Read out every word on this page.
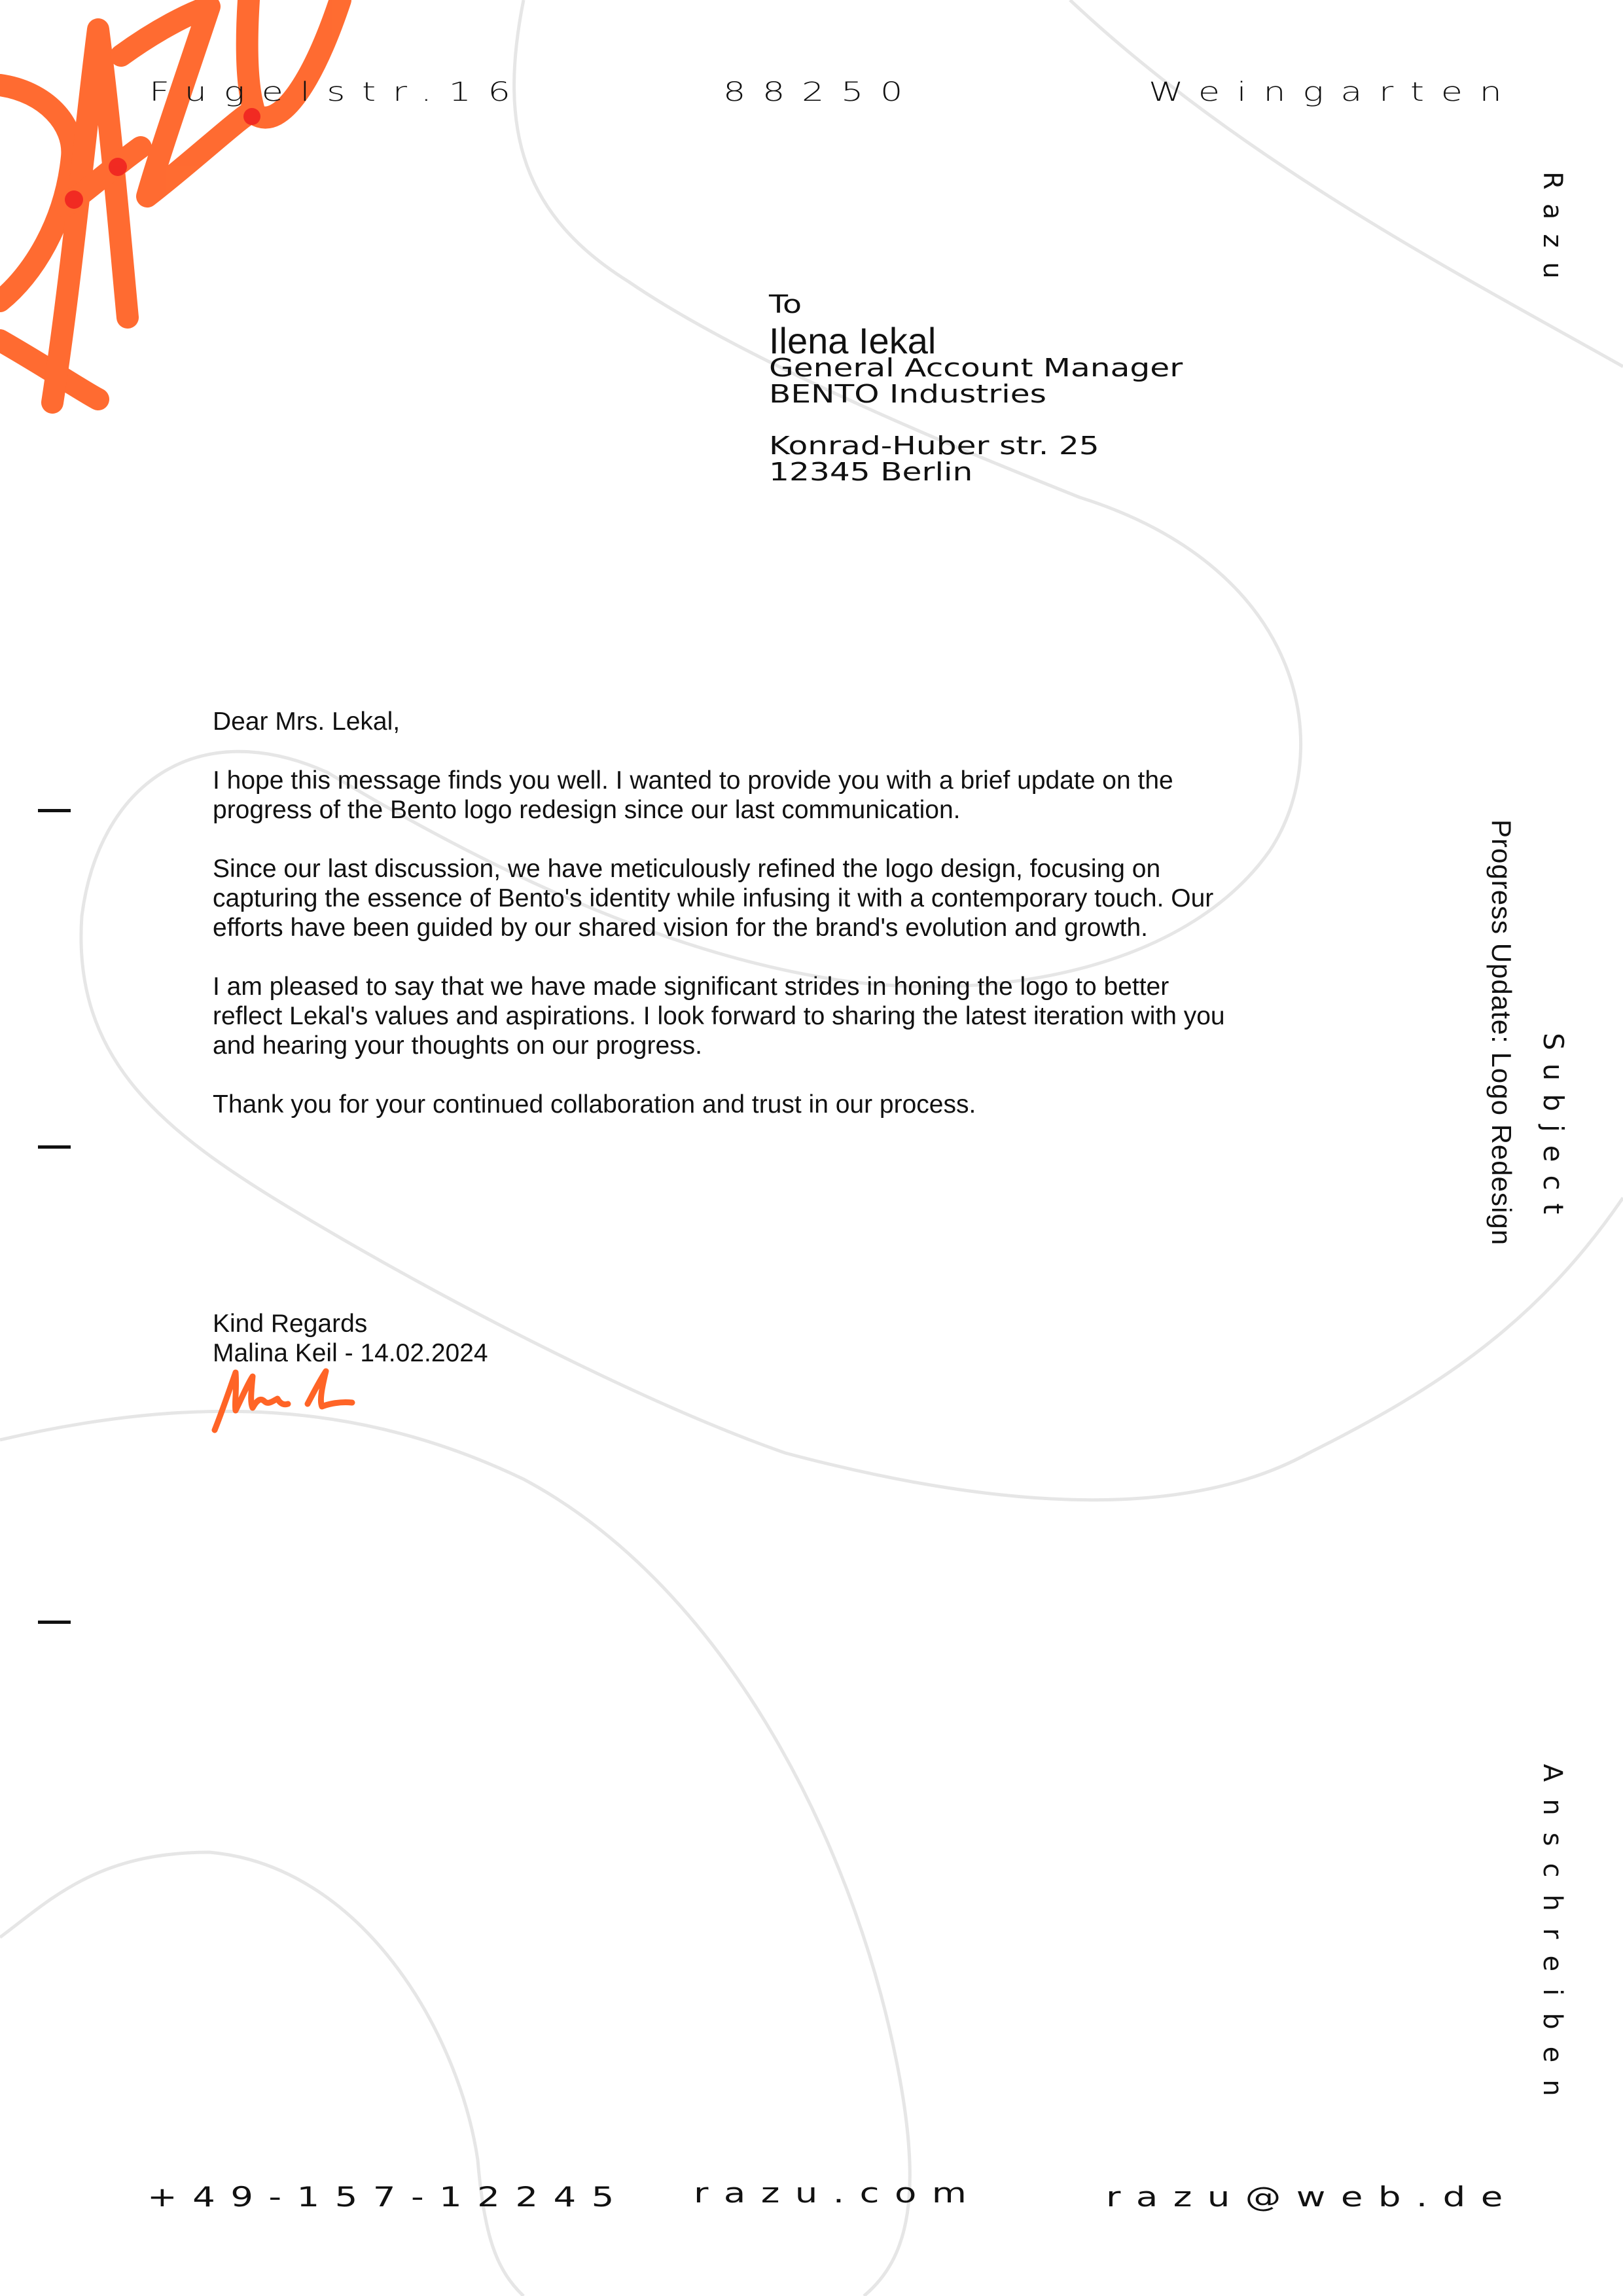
Fugelstr.16	88250	Weingarten
Razu
Subject
Progress Update: Logo Redesign
Anschreiben
To
Ilena Iekal
General Account Manager
BENTO Industries
Konrad-Huber str. 25
12345 Berlin

Dear Mrs. Lekal,

I hope this message finds you well. I wanted to provide you with a brief update on the progress of the Bento logo redesign since our last communication.

Since our last discussion, we have meticulously refined the logo design, focusing on capturing the essence of Bento's identity while infusing it with a contemporary touch. Our efforts have been guided by our shared vision for the brand's evolution and growth.

I am pleased to say that we have made significant strides in honing the logo to better reflect Lekal's values and aspirations. I look forward to sharing the latest iteration with you and hearing your thoughts on our progress.

Thank you for your continued collaboration and trust in our process.

Kind Regards
Malina Keil - 14.02.2024
+49-157-12245 razu.com	razu@web.de
